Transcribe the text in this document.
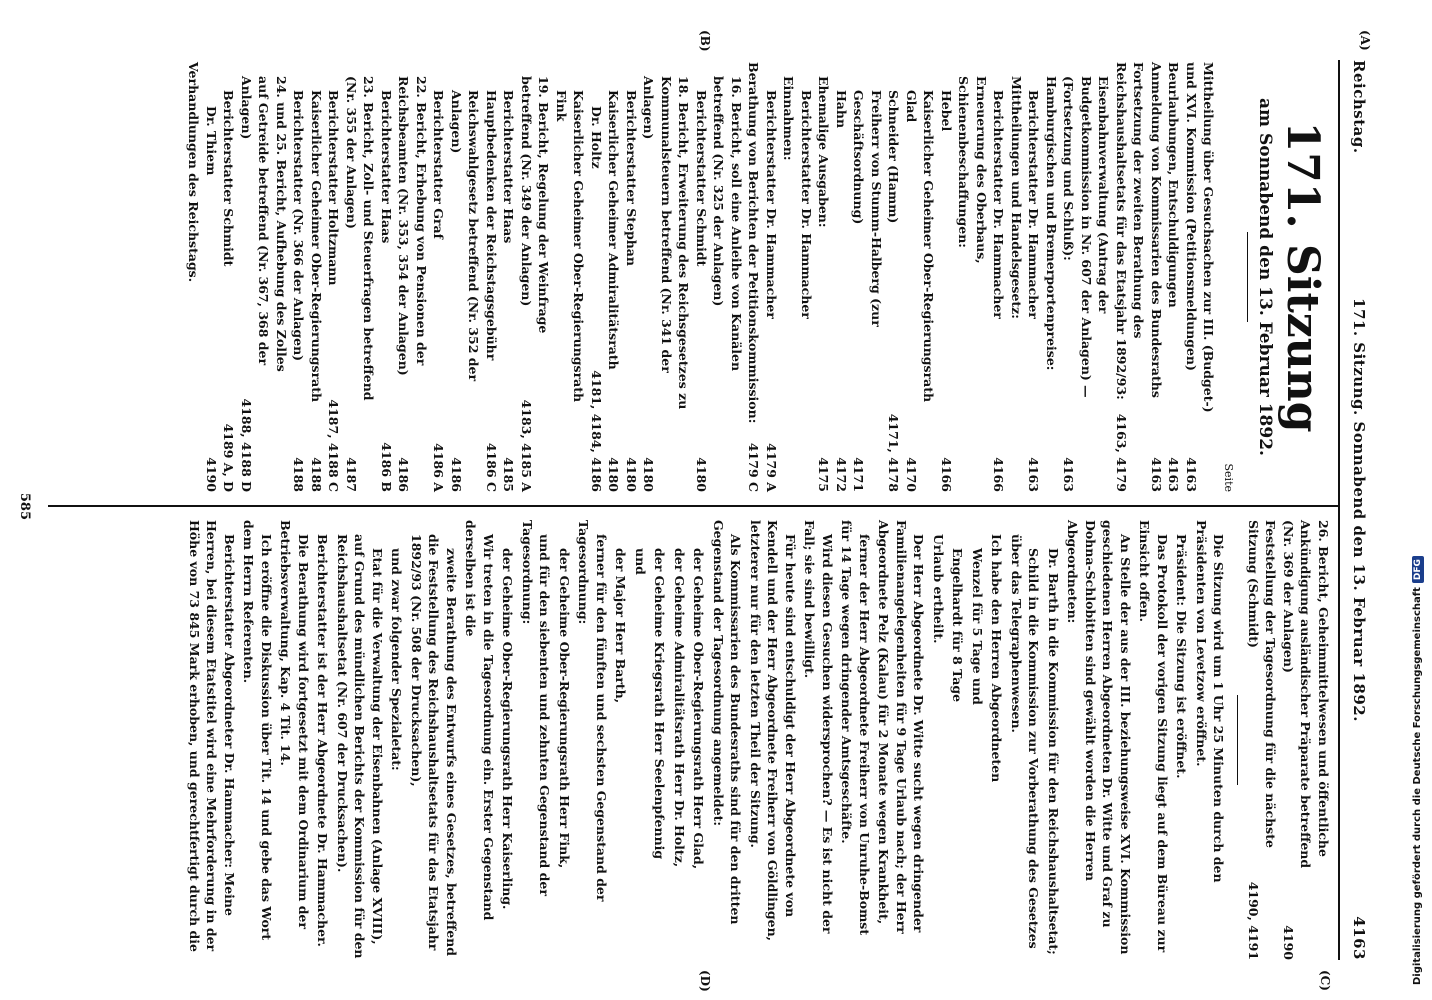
Reichstag.
171. Sitzung. Sonnabend den 13. Februar 1892.
4163
(A)
(B)
(C)
(D)
171. Sitzung
am Sonnabend den 13. Februar 1892.
Seite
Mittheilung über Gesuchsachen zur III. (Budget-) und XVI. Kommission (Petitionsmeldungen)
4163
Beurlaubungen, Entschuldigungen
4163
Anmeldung von Kommissarien des Bundesraths
4163
Fortsetzung der zweiten Berathung des Reichshaushaltsetats für das Etatsjahr 1892/93:
4163, 4179
Eisenbahnverwaltung (Antrag der Budgetkommission in Nr. 607 der Anlagen) — (Fortsetzung und Schluß):
4163
Hamburgischen und Bremerportenpreise:
Berichterstatter Dr. Hammacher
4163
Mittheilungen und Handelsgesetz:
Berichterstatter Dr. Hammacher
4166
Erneuerung des Oberbaus, Schienenbeschaffungen:
Hebel
4166
Kaiserlicher Geheimer Ober-Regierungsrath Glad
4170
Schneider (Hamm)
4171, 4178
Freiherr von Stumm-Halberg (zur Geschäftsordnung)
4171
Hahn
4172
Ehemalige Ausgaben:
4175
Berichterstatter Dr. Hammacher
Einnahmen:
Berichterstatter Dr. Hammacher
4179 A
Berathung von Berichten der Petitionskommission:
4179 C
16. Bericht, soll eine Anleihe von Kanälen betreffend (Nr. 325 der Anlagen)
Berichterstatter Schmidt
4180
18. Bericht, Erweiterung des Reichsgesetzes zu Kommunalsteuern betreffend (Nr. 341 der Anlagen)
4180
Berichterstatter Stephan
4180
Kaiserlicher Geheimer Admiralitätsrath
4180
Dr. Holtz
4181, 4184, 4186
Kaiserlicher Geheimer Ober-Regierungsrath Fink
19. Bericht, Regelung der Weinfrage betreffend (Nr. 349 der Anlagen)
4183, 4185 A
Berichterstatter Haas
4185
Hauptbedenken der Reichstagsgebühr
4186 C
Reichswahlgesetz betreffend (Nr. 352 der Anlagen)
4186
Berichterstatter Graf
4186 A
22. Bericht, Erhebung von Pensionen der Reichsbeamten (Nr. 353, 354 der Anlagen)
4186
Berichterstatter Haas
4186 B
23. Bericht, Zoll- und Steuerfragen betreffend (Nr. 355 der Anlagen)
4187
Berichterstatter Holtzmann
4187, 4188 C
Kaiserlicher Geheimer Ober-Regierungsrath
4188
Berichterstatter (Nr. 366 der Anlagen)
4188
24. und 25. Bericht, Aufhebung des Zolles auf Getreide betreffend (Nr. 367, 368 der Anlagen)
4188, 4188 D
Berichterstatter Schmidt
4189 A, D
Dr. Thiem
4190
Verhandlungen des Reichstags.
26. Bericht, Geheimmittelwesen und öffentliche Ankündigung ausländischer Präparate betreffend (Nr. 369 der Anlagen)
4190
Feststellung der Tagesordnung für die nächste Sitzung (Schmidt)
4190, 4191
Die Sitzung wird um 1 Uhr 25 Minuten durch den Präsidenten von Levetzow eröffnet.
Präsident: Die Sitzung ist eröffnet.
Das Protokoll der vorigen Sitzung liegt auf dem Büreau zur Einsicht offen.
An Stelle der aus der III. beziehungsweise XVI. Kommission geschiedenen Herren Abgeordneten Dr. Witte und Graf zu Dohna-Schlobitten sind gewählt worden die Herren Abgeordneten:
Dr. Barth in die Kommission für den Reichshaushaltsetat;
Schild in die Kommission zur Vorberathung des Gesetzes über das Telegraphenwesen.
Ich habe den Herren Abgeordneten
Wenzel für 5 Tage und
Engelhardt für 8 Tage
Urlaub ertheilt.
Der Herr Abgeordnete Dr. Witte sucht wegen dringender Familienangelegenheiten für 9 Tage Urlaub nach; der Herr Abgeordnete Pelz (Kalau) für 2 Monate wegen Krankheit,
ferner der Herr Abgeordnete Freiherr von Unruhe-Bomst für 14 Tage wegen dringender Amtsgeschäfte.
Wird diesen Gesuchen widersprochen? — Es ist nicht der Fall; sie sind bewilligt.
Für heute sind entschuldigt der Herr Abgeordnete von Kendell und der Herr Abgeordnete Freiherr von Göldlingen, letzterer nur für den letzten Theil der Sitzung.
Als Kommissarien des Bundesraths sind für den dritten Gegenstand der Tagesordnung angemeldet:
der Geheime Ober-Regierungsrath Herr Glad,
der Geheime Admiralitätsrath Herr Dr. Holtz,
der Geheime Kriegsrath Herr Seelenpfennig
und
der Major Herr Barth,
ferner für den fünften und sechsten Gegenstand der Tagesordnung:
der Geheime Ober-Regierungsrath Herr Fink,
und für den siebenten und zehnten Gegenstand der Tagesordnung:
der Geheime Ober-Regierungsrath Herr Kaiserling.
Wir treten in die Tagesordnung ein. Erster Gegenstand derselben ist die
zweite Berathung des Entwurfs eines Gesetzes, betreffend die Feststellung des Reichshaushaltsetats für das Etatsjahr 1892/93 (Nr. 508 der Drucksachen),
und zwar folgender Spezialetat:
Etat für die Verwaltung der Eisenbahnen (Anlage XVIII), auf Grund des mündlichen Berichts der Kommission für den Reichshaushaltsetat (Nr. 607 der Drucksachen).
Berichterstatter ist der Herr Abgeordnete Dr. Hammacher.
Die Berathung wird fortgesetzt mit dem Ordinarium der Betriebsverwaltung, Kap. 4 Tit. 14.
Ich eröffne die Diskussion über Tit. 14 und gebe das Wort dem Herrn Referenten.
Berichterstatter Abgeordneter Dr. Hammacher: Meine Herren, bei diesem Etatstitel wird eine Mehrforderung in der Höhe von 73 845 Mark erhoben, und gerechtfertigt durch die
585
Digitalisierung gefördert durch die Deutsche ForschungsgemeinschaftDFG
